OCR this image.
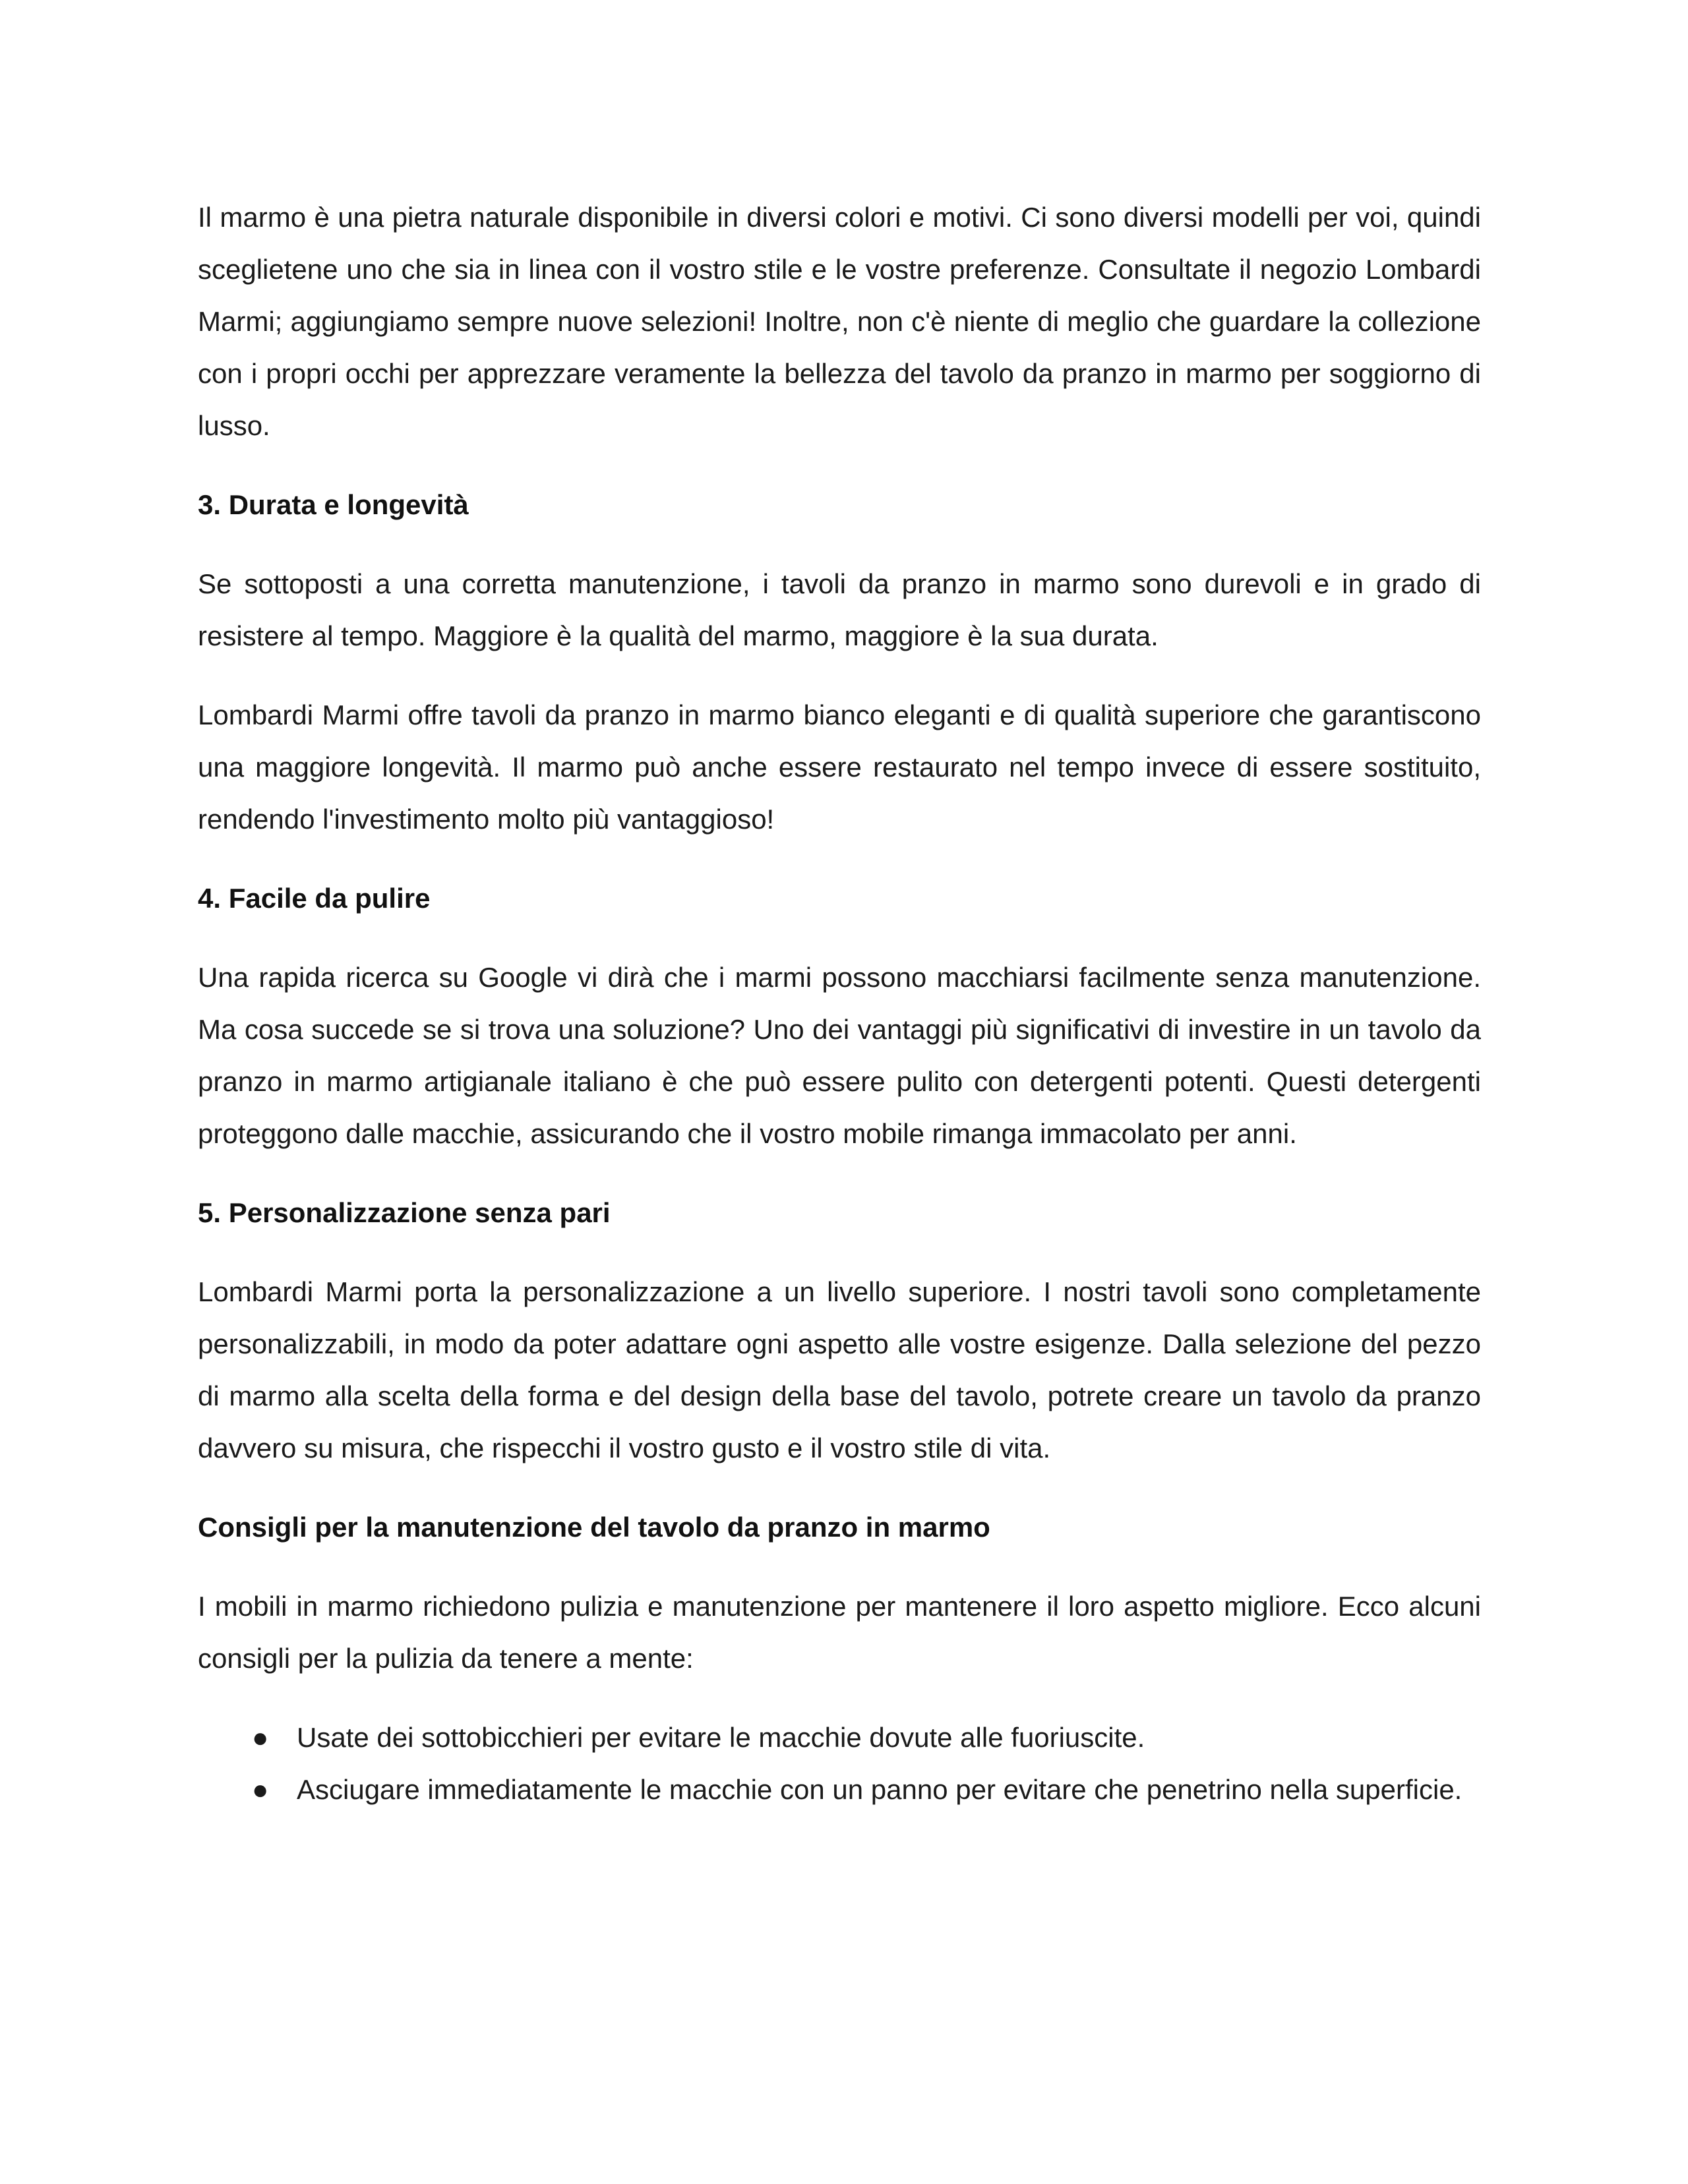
Il marmo è una pietra naturale disponibile in diversi colori e motivi. Ci sono diversi modelli per voi, quindi sceglietene uno che sia in linea con il vostro stile e le vostre preferenze. Consultate il negozio Lombardi Marmi; aggiungiamo sempre nuove selezioni! Inoltre, non c'è niente di meglio che guardare la collezione con i propri occhi per apprezzare veramente la bellezza del tavolo da pranzo in marmo per soggiorno di lusso.

3. Durata e longevità

Se sottoposti a una corretta manutenzione, i tavoli da pranzo in marmo sono durevoli e in grado di resistere al tempo. Maggiore è la qualità del marmo, maggiore è la sua durata.

Lombardi Marmi offre tavoli da pranzo in marmo bianco eleganti e di qualità superiore che garantiscono una maggiore longevità. Il marmo può anche essere restaurato nel tempo invece di essere sostituito, rendendo l'investimento molto più vantaggioso!

4. Facile da pulire

Una rapida ricerca su Google vi dirà che i marmi possono macchiarsi facilmente senza manutenzione. Ma cosa succede se si trova una soluzione? Uno dei vantaggi più significativi di investire in un tavolo da pranzo in marmo artigianale italiano è che può essere pulito con detergenti potenti. Questi detergenti proteggono dalle macchie, assicurando che il vostro mobile rimanga immacolato per anni.

5. Personalizzazione senza pari

Lombardi Marmi porta la personalizzazione a un livello superiore. I nostri tavoli sono completamente personalizzabili, in modo da poter adattare ogni aspetto alle vostre esigenze. Dalla selezione del pezzo di marmo alla scelta della forma e del design della base del tavolo, potrete creare un tavolo da pranzo davvero su misura, che rispecchi il vostro gusto e il vostro stile di vita.

Consigli per la manutenzione del tavolo da pranzo in marmo

I mobili in marmo richiedono pulizia e manutenzione per mantenere il loro aspetto migliore. Ecco alcuni consigli per la pulizia da tenere a mente:

● Usate dei sottobicchieri per evitare le macchie dovute alle fuoriuscite.
● Asciugare immediatamente le macchie con un panno per evitare che penetrino nella superficie.
